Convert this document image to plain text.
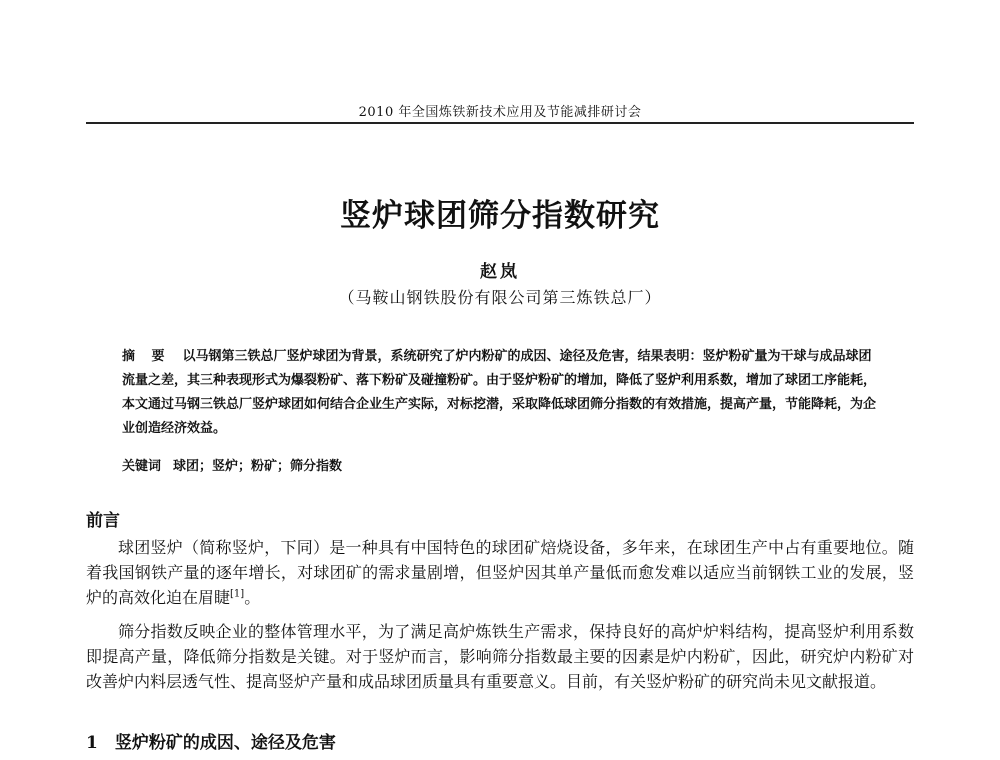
2010 年全国炼铁新技术应用及节能减排研讨会
竖炉球团筛分指数研究
赵岚
（马鞍山钢铁股份有限公司第三炼铁总厂）
摘 要 以马钢第三铁总厂竖炉球团为背景，系统研究了炉内粉矿的成因、途径及危害，结果表明：竖炉粉矿量为干球与成品球团流量之差，其三种表现形式为爆裂粉矿、落下粉矿及碰撞粉矿。由于竖炉粉矿的增加，降低了竖炉利用系数，增加了球团工序能耗，本文通过马钢三铁总厂竖炉球团如何结合企业生产实际，对标挖潜，采取降低球团筛分指数的有效措施，提高产量，节能降耗，为企业创造经济效益。
关键词 球团；竖炉；粉矿；筛分指数
前言
球团竖炉（简称竖炉，下同）是一种具有中国特色的球团矿焙烧设备，多年来，在球团生产中占有重要地位。随着我国钢铁产量的逐年增长，对球团矿的需求量剧增，但竖炉因其单产量低而愈发难以适应当前钢铁工业的发展，竖炉的高效化迫在眉睫[1]。
筛分指数反映企业的整体管理水平，为了满足高炉炼铁生产需求，保持良好的高炉炉料结构，提高竖炉利用系数即提高产量，降低筛分指数是关键。对于竖炉而言，影响筛分指数最主要的因素是炉内粉矿，因此，研究炉内粉矿对改善炉内料层透气性、提高竖炉产量和成品球团质量具有重要意义。目前，有关竖炉粉矿的研究尚未见文献报道。
1　竖炉粉矿的成因、途径及危害
